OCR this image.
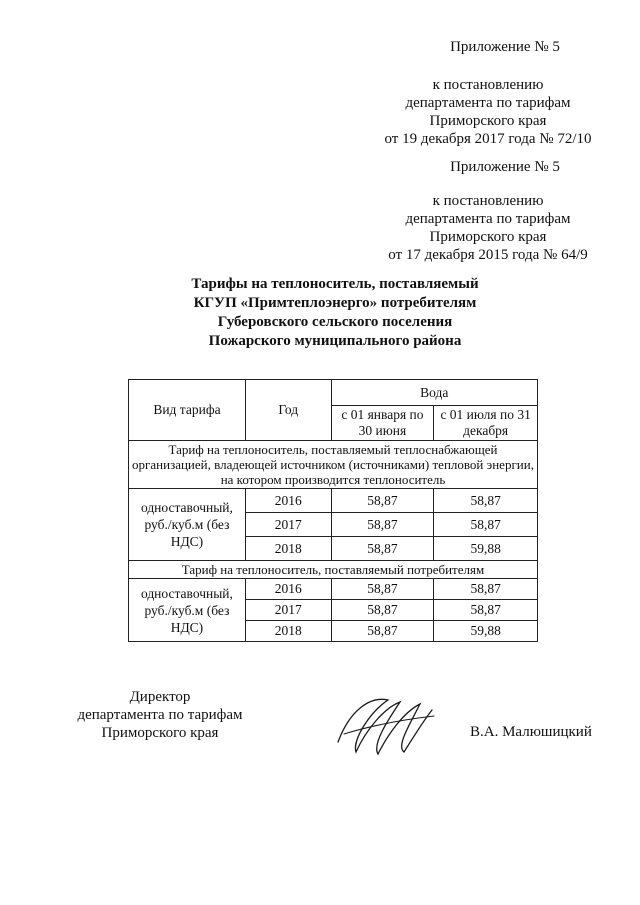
Приложение № 5
к постановлению
департамента по тарифам
Приморского края
от 19 декабря 2017 года № 72/10
Приложение № 5
к постановлению
департамента по тарифам
Приморского края
от 17 декабря 2015 года № 64/9
Тарифы на теплоноситель, поставляемый
КГУП «Примтеплоэнерго» потребителям
Губеровского сельского поселения
Пожарского муниципального района
Вид тарифа	Год	Вода	
		с 01 января по 30 июня	с 01 июля по 31 декабря
Тариф на теплоноситель, поставляемый теплоснабжающей организацией, владеющей источником (источниками) тепловой энергии, на котором производится теплоноситель			
одноставочный, руб./куб.м (без НДС)	2016	58,87	58,87
	2017	58,87	58,87
	2018	58,87	59,88
Тариф на теплоноситель, поставляемый потребителям			
одноставочный, руб./куб.м (без НДС)	2016	58,87	58,87
	2017	58,87	58,87
	2018	58,87	59,88
Директор
департамента по тарифам
Приморского края	В.А. Малюшицкий
